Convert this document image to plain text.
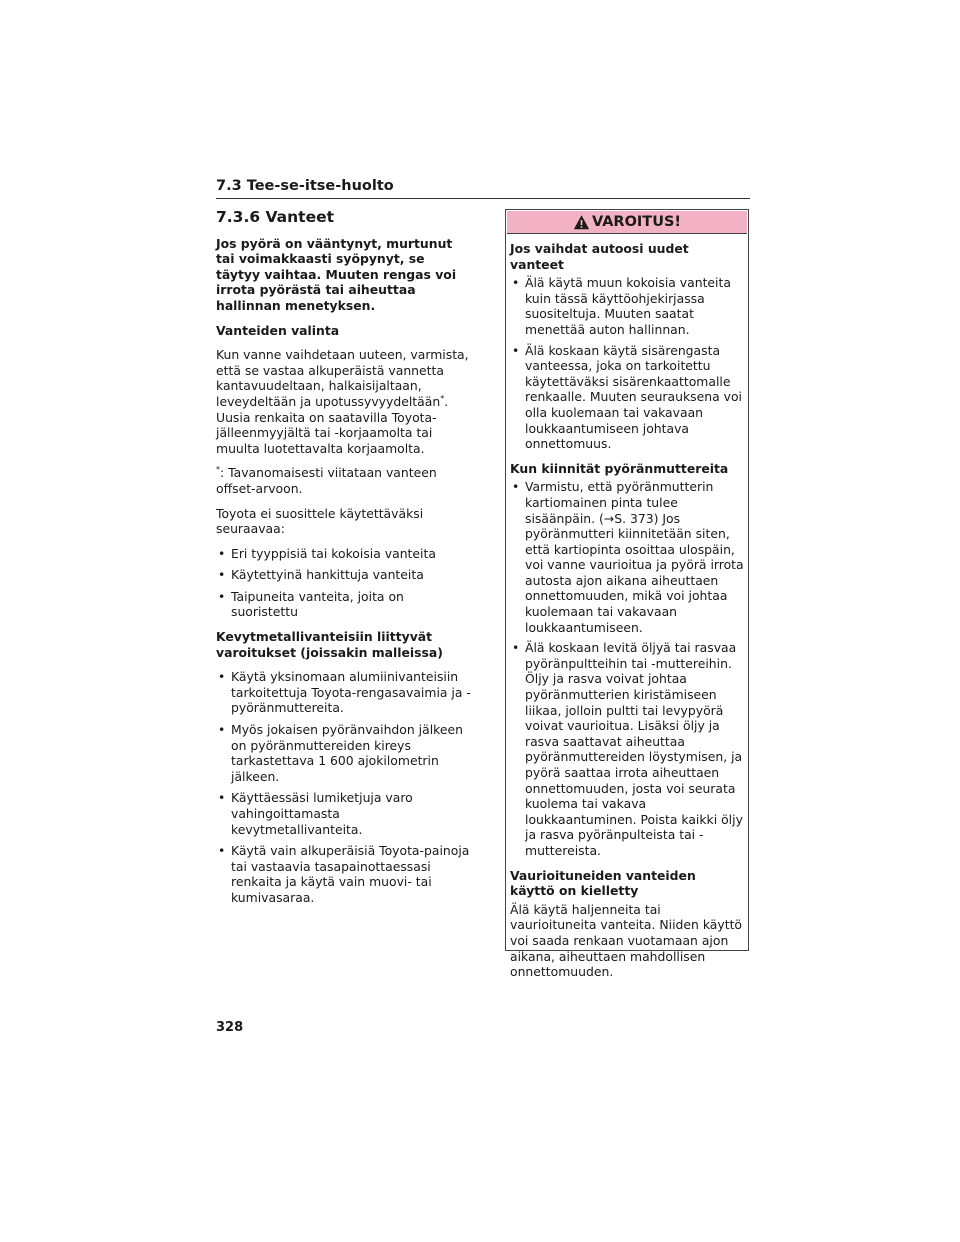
7.3 Tee-se-itse-huolto
7.3.6 Vanteet

Jos pyörä on vääntynyt, murtunut tai voimakkaasti syöpynyt, se täytyy vaihtaa. Muuten rengas voi irrota pyörästä tai aiheuttaa hallinnan menetyksen.

Vanteiden valinta

Kun vanne vaihdetaan uuteen, varmista, että se vastaa alkuperäistä vannetta kantavuudeltaan, halkaisijaltaan, leveydeltään ja upotussyvyydeltään*. Uusia renkaita on saatavilla Toyota-jälleenmyyjältä tai -korjaamolta tai muulta luotettavalta korjaamolta.

*: Tavanomaisesti viitataan vanteen offset-arvoon.

Toyota ei suosittele käytettäväksi seuraavaa:

• Eri tyyppisiä tai kokoisia vanteita
• Käytettyinä hankittuja vanteita
• Taipuneita vanteita, joita on suoristettu

Kevytmetallivanteisiin liittyvät varoitukset (joissakin malleissa)

• Käytä yksinomaan alumiinivanteisiin tarkoitettuja Toyota-rengasavaimia ja -pyöränmuttereita.
• Myös jokaisen pyöränvaihdon jälkeen on pyöränmuttereiden kireys tarkastettava 1 600 ajokilometrin jälkeen.
• Käyttäessäsi lumiketjuja varo vahingoittamasta kevytmetallivanteita.
• Käytä vain alkuperäisiä Toyota-painoja tai vastaavia tasapainottaessasi renkaita ja käytä vain muovi- tai kumivasaraa.
VAROITUS!

Jos vaihdat autoosi uudet vanteet

• Älä käytä muun kokoisia vanteita kuin tässä käyttöohjekirjassa suositeltuja. Muuten saatat menettää auton hallinnan.
• Älä koskaan käytä sisärengasta vanteessa, joka on tarkoitettu käytettäväksi sisärenkaattomalle renkaalle. Muuten seurauksena voi olla kuolemaan tai vakavaan loukkaantumiseen johtava onnettomuus.

Kun kiinnität pyöränmuttereita

• Varmistu, että pyöränmutterin kartiomainen pinta tulee sisäänpäin. (→S. 373) Jos pyöränmutteri kiinnitetään siten, että kartiopinta osoittaa ulospäin, voi vanne vaurioitua ja pyörä irrota autosta ajon aikana aiheuttaen onnettomuuden, mikä voi johtaa kuolemaan tai vakavaan loukkaantumiseen.
• Älä koskaan levitä öljyä tai rasvaa pyöränpultteihin tai -muttereihin. Öljy ja rasva voivat johtaa pyöränmutterien kiristämiseen liikaa, jolloin pultti tai levypyörä voivat vaurioitua. Lisäksi öljy ja rasva saattavat aiheuttaa pyöränmuttereiden löystymisen, ja pyörä saattaa irrota aiheuttaen onnettomuuden, josta voi seurata kuolema tai vakava loukkaantuminen. Poista kaikki öljy ja rasva pyöränpulteista tai -muttereista.

Vaurioituneiden vanteiden käyttö on kielletty

Älä käytä haljenneita tai vaurioituneita vanteita. Niiden käyttö voi saada renkaan vuotamaan ajon aikana, aiheuttaen mahdollisen onnettomuuden.

328
